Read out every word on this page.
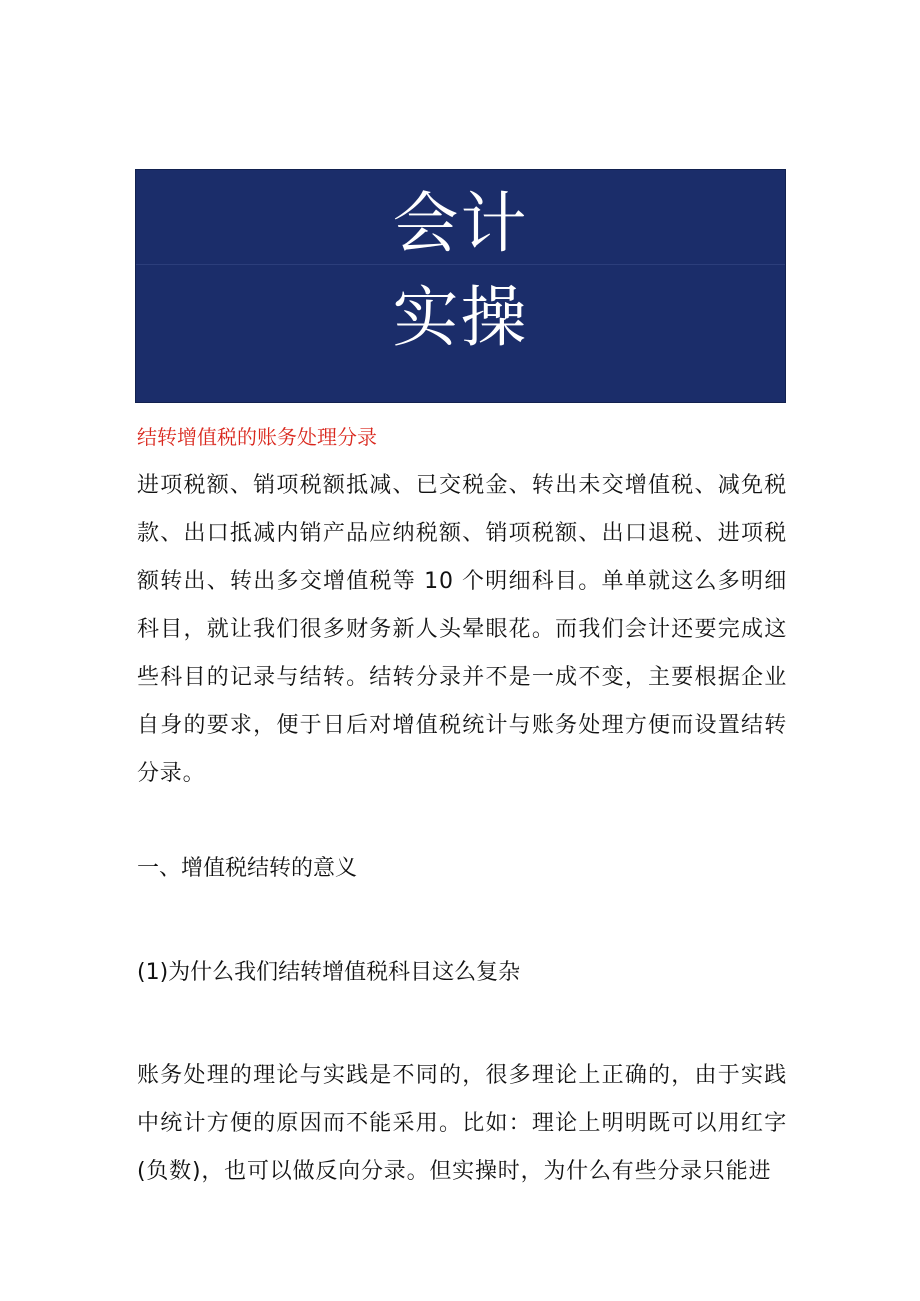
会计
实操
结转增值税的账务处理分录

进项税额、销项税额抵减、已交税金、转出未交增值税、减免税款、出口抵减内销产品应纳税额、销项税额、出口退税、进项税额转出、转出多交增值税等 10 个明细科目。单单就这么多明细科目，就让我们很多财务新人头晕眼花。而我们会计还要完成这些科目的记录与结转。结转分录并不是一成不变，主要根据企业自身的要求，便于日后对增值税统计与账务处理方便而设置结转分录。

一、增值税结转的意义
(1)为什么我们结转增值税科目这么复杂

账务处理的理论与实践是不同的，很多理论上正确的，由于实践中统计方便的原因而不能采用。比如：理论上明明既可以用红字(负数)，也可以做反向分录。但实操时，为什么有些分录只能进
